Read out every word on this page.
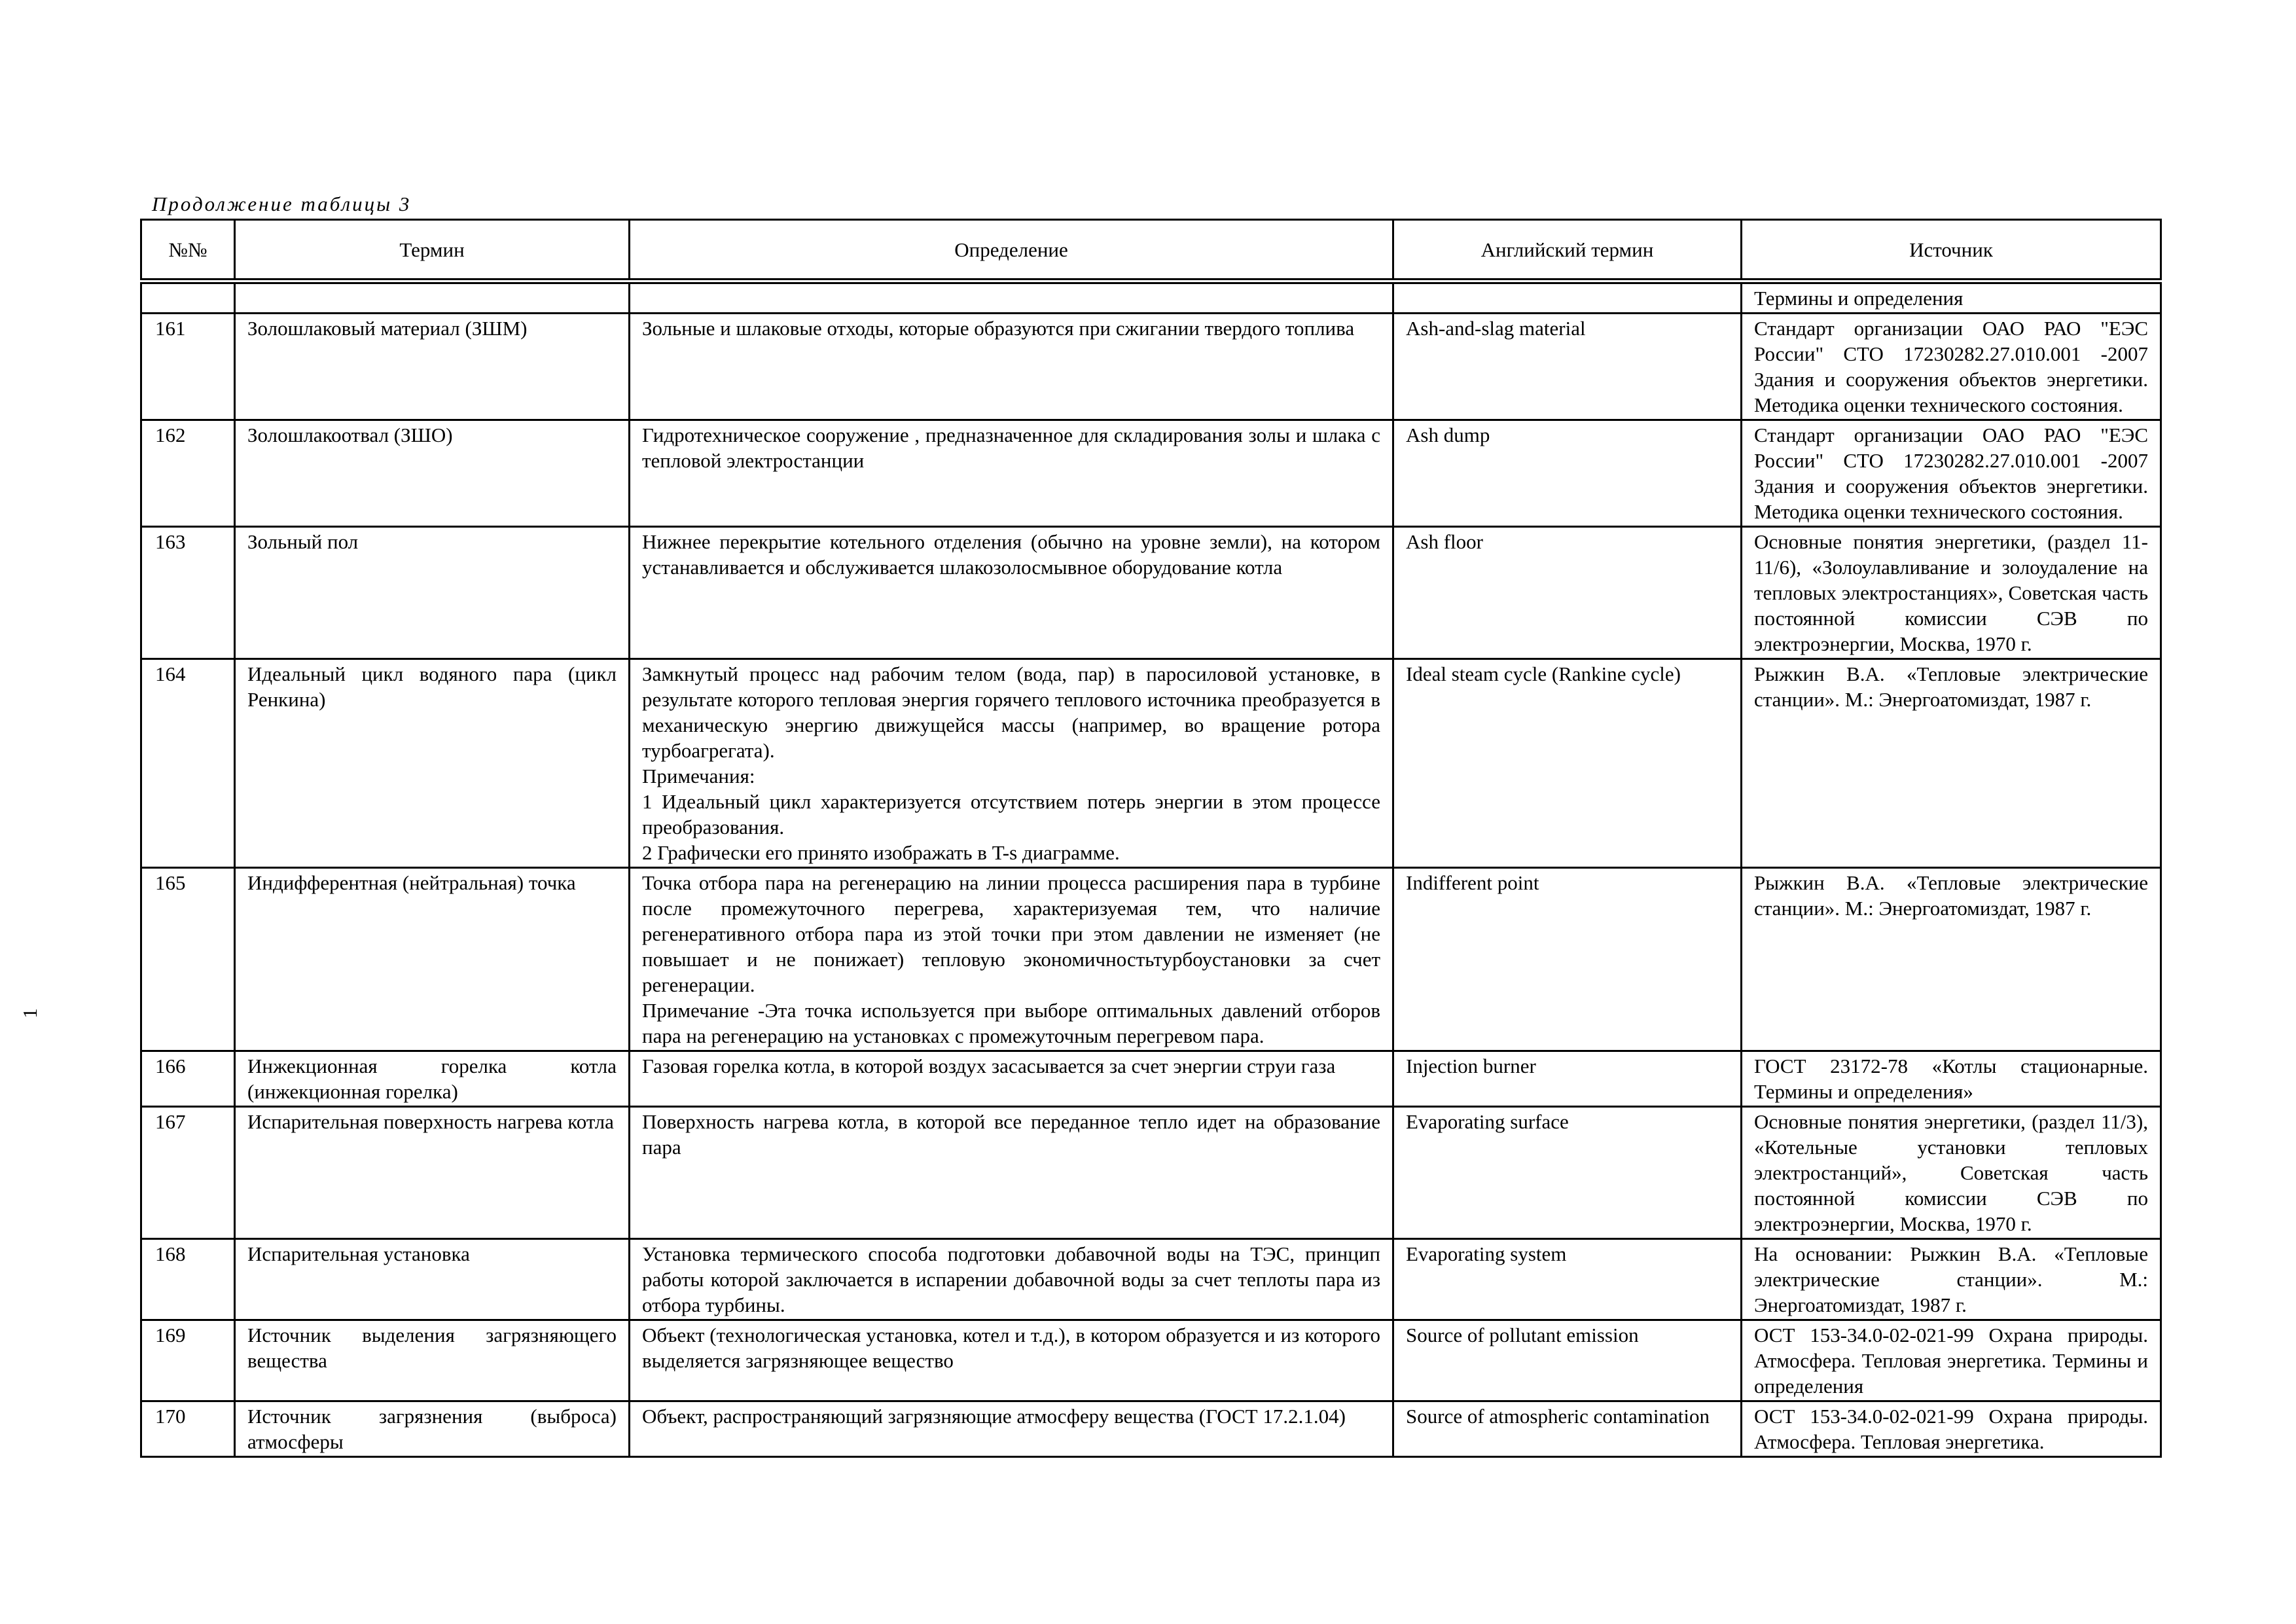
Продолжение таблицы 3

1
№№	Термин	Определение	Английский термин	Источник
				Термины и определения
161	Золошлаковый материал (ЗШМ)	Зольные и шлаковые отходы, которые образуются при сжигании твердого топлива	Ash-and-slag material	Стандарт организации ОАО РАО "ЕЭС России" СТО 17230282.27.010.001 -2007 Здания и сооружения объектов энергетики. Методика оценки технического состояния.
162	Золошлакоотвал (ЗШО)	Гидротехническое сооружение , предназначенное для складирования золы и шлака с тепловой электростанции	Ash dump	Стандарт организации ОАО РАО "ЕЭС России" СТО 17230282.27.010.001 -2007 Здания и сооружения объектов энергетики. Методика оценки технического состояния.
163	Зольный пол	Нижнее перекрытие котельного отделения (обычно на уровне земли), на котором устанавливается и обслуживается шлакозолосмывное оборудование котла	Ash floor	Основные понятия энергетики, (раздел 11-11/6), «Золоулавливание и золоудаление на тепловых электростанциях», Советская часть постоянной комиссии СЭВ по электроэнергии, Москва, 1970 г.
164	Идеальный цикл водяного пара (цикл Ренкина)	Замкнутый процесс над рабочим телом (вода, пар) в паросиловой установке, в результате которого тепловая энергия горячего теплового источника преобразуется в механическую энергию движущейся массы (например, во вращение ротора турбоагрегата).
Примечания:
1 Идеальный цикл характеризуется отсутствием потерь энергии в этом процессе преобразования.
2 Графически его принято изображать в T-s диаграмме.	Ideal steam cycle (Rankine cycle)	Рыжкин В.А. «Тепловые электрические станции». М.: Энергоатомиздат, 1987 г.
165	Индифферентная (нейтральная) точка	Точка отбора пара на регенерацию на линии процесса расширения пара в турбине после промежуточного перегрева, характеризуемая тем, что наличие регенеративного отбора пара из этой точки при этом давлении не изменяет (не повышает и не понижает) тепловую экономичностьтурбоустановки за счет регенерации.
Примечание -Эта точка используется при выборе оптимальных давлений отборов пара на регенерацию на установках с промежуточным перегревом пара.	Indifferent point	Рыжкин В.А. «Тепловые электрические станции». М.: Энергоатомиздат, 1987 г.
166	Инжекционная горелка котла (инжекционная горелка)	Газовая горелка котла, в которой воздух засасывается за счет энергии струи газа	Injection burner	ГОСТ 23172-78 «Котлы стационарные. Термины и определения»
167	Испарительная поверхность нагрева котла	Поверхность нагрева котла, в которой все переданное тепло идет на образование пара	Evaporating surface	Основные понятия энергетики, (раздел 11/3), «Котельные установки тепловых электростанций», Советская часть постоянной комиссии СЭВ по электроэнергии, Москва, 1970 г.
168	Испарительная установка	Установка термического способа подготовки добавочной воды на ТЭС, принцип работы которой заключается в испарении добавочной воды за счет теплоты пара из отбора турбины.	Evaporating system	На основании: Рыжкин В.А. «Тепловые электрические станции». М.: Энергоатомиздат, 1987 г.
169	Источник выделения загрязняющего вещества	Объект (технологическая установка, котел и т.д.), в котором образуется и из которого выделяется загрязняющее вещество	Source of pollutant emission	ОСТ 153-34.0-02-021-99 Охрана природы. Атмосфера. Тепловая энергетика. Термины и определения
170	Источник загрязнения (выброса) атмосферы	Объект, распространяющий загрязняющие атмосферу вещества (ГОСТ 17.2.1.04)	Source of atmospheric contamination	ОСТ 153-34.0-02-021-99 Охрана природы. Атмосфера. Тепловая энергетика.
